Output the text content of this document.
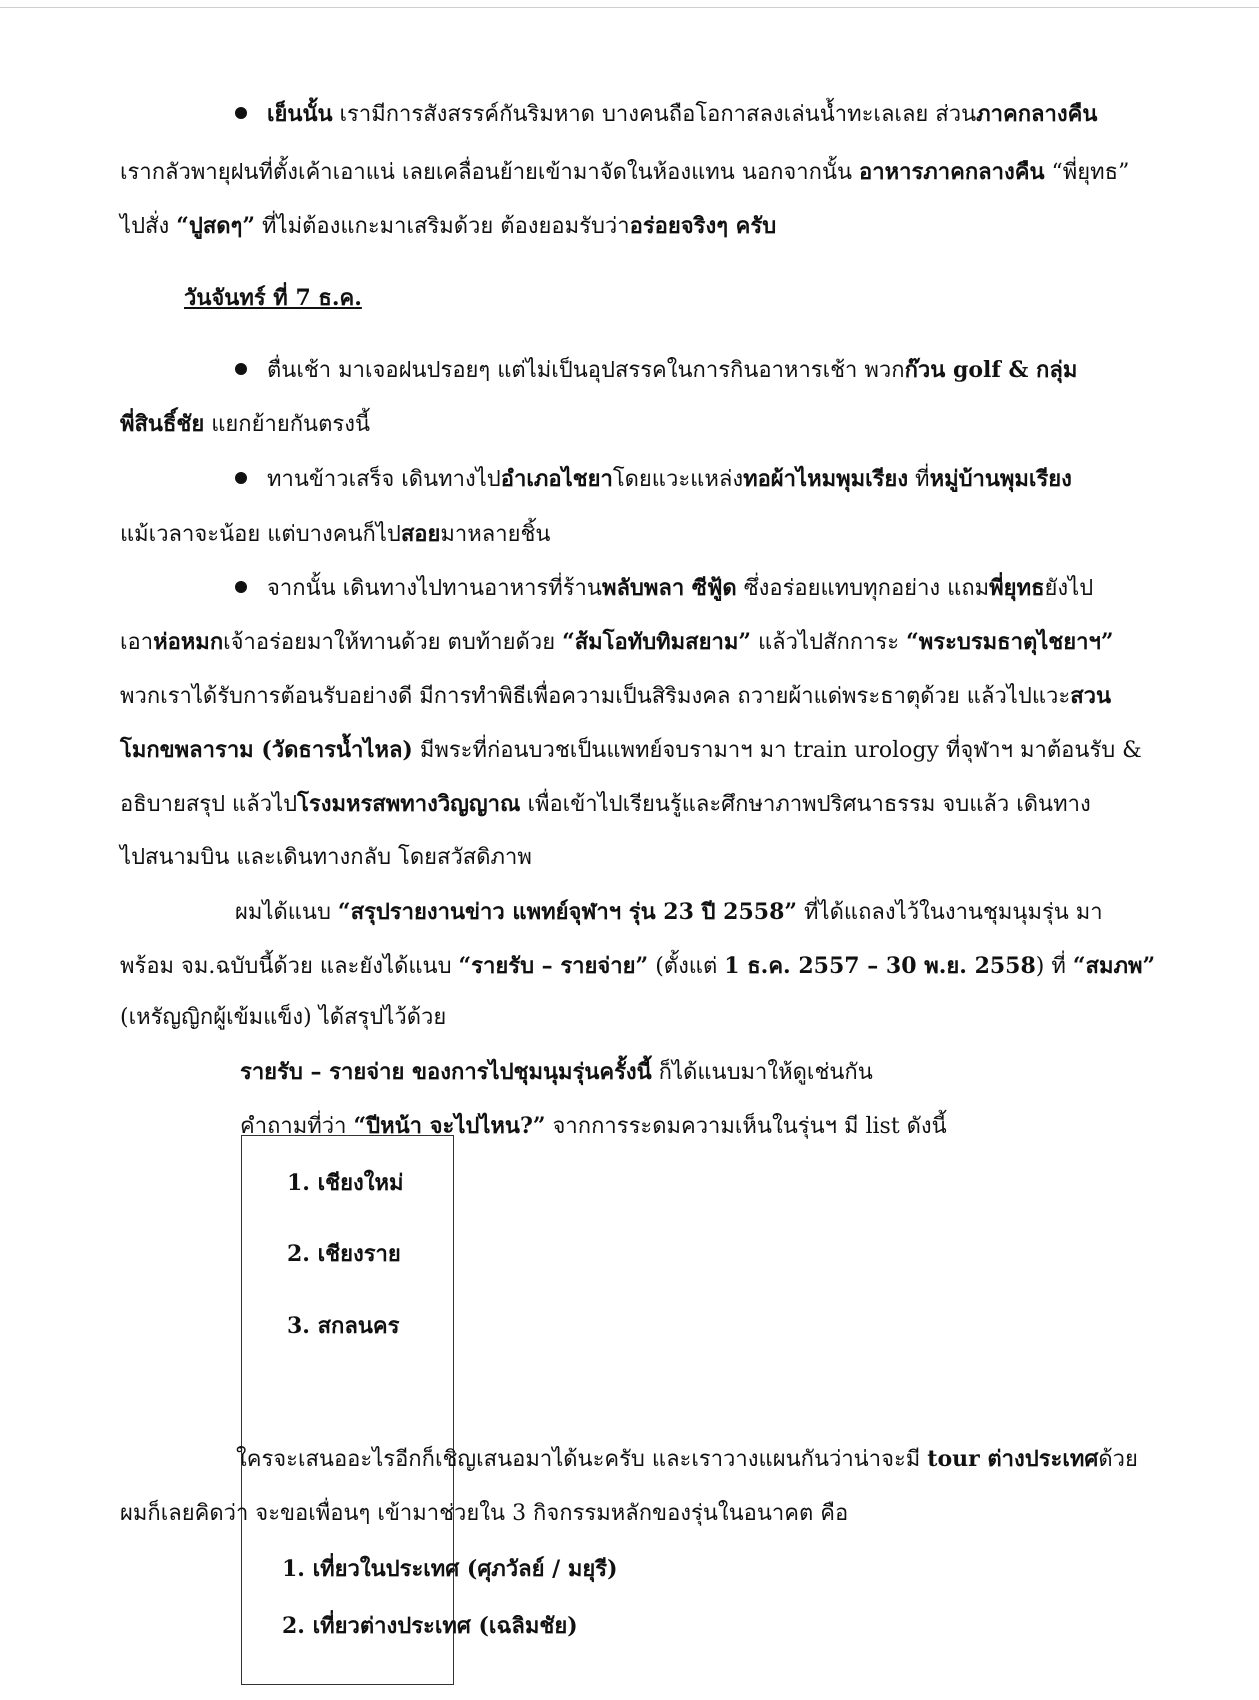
เย็นนั้น เรามีการสังสรรค์กันริมหาด บางคนถือโอกาสลงเล่นน้ำทะเลเลย ส่วนภาคกลางคืน
เรากลัวพายุฝนที่ตั้งเค้าเอาแน่ เลยเคลื่อนย้ายเข้ามาจัดในห้องแทน นอกจากนั้น อาหารภาคกลางคืน “พี่ยุทธ”
ไปสั่ง “ปูสดๆ” ที่ไม่ต้องแกะมาเสริมด้วย ต้องยอมรับว่าอร่อยจริงๆ ครับ
วันจันทร์ ที่ 7 ธ.ค.
ตื่นเช้า มาเจอฝนปรอยๆ แต่ไม่เป็นอุปสรรคในการกินอาหารเช้า พวกก๊วน golf & กลุ่ม
พี่สินธิ์ชัย แยกย้ายกันตรงนี้
ทานข้าวเสร็จ เดินทางไปอำเภอไชยาโดยแวะแหล่งทอผ้าไหมพุมเรียง ที่หมู่บ้านพุมเรียง
แม้เวลาจะน้อย แต่บางคนก็ไปสอยมาหลายชิ้น
จากนั้น เดินทางไปทานอาหารที่ร้านพลับพลา ซีฟู้ด ซึ่งอร่อยแทบทุกอย่าง แถมพี่ยุทธยังไป
เอาห่อหมกเจ้าอร่อยมาให้ทานด้วย ตบท้ายด้วย “ส้มโอทับทิมสยาม” แล้วไปสักการะ “พระบรมธาตุไชยาฯ”
พวกเราได้รับการต้อนรับอย่างดี มีการทำพิธีเพื่อความเป็นสิริมงคล ถวายผ้าแด่พระธาตุด้วย แล้วไปแวะสวน
โมกขพลาราม (วัดธารน้ำไหล) มีพระที่ก่อนบวชเป็นแพทย์จบรามาฯ มา train urology ที่จุฬาฯ มาต้อนรับ &
อธิบายสรุป แล้วไปโรงมหรสพทางวิญญาณ เพื่อเข้าไปเรียนรู้และศึกษาภาพปริศนาธรรม จบแล้ว เดินทาง
ไปสนามบิน และเดินทางกลับ โดยสวัสดิภาพ
ผมได้แนบ “สรุปรายงานข่าว แพทย์จุฬาฯ รุ่น 23 ปี 2558” ที่ได้แถลงไว้ในงานชุมนุมรุ่น มา
พร้อม จม.ฉบับนี้ด้วย และยังได้แนบ “รายรับ – รายจ่าย” (ตั้งแต่ 1 ธ.ค. 2557 – 30 พ.ย. 2558) ที่ “สมภพ”
(เหรัญญิกผู้เข้มแข็ง) ได้สรุปไว้ด้วย
รายรับ – รายจ่าย ของการไปชุมนุมรุ่นครั้งนี้ ก็ได้แนบมาให้ดูเช่นกัน
คำถามที่ว่า “ปีหน้า จะไปไหน?” จากการระดมความเห็นในรุ่นฯ มี list ดังนี้
1. เชียงใหม่
2. เชียงราย
3. สกลนคร
ใครจะเสนออะไรอีกก็เชิญเสนอมาได้นะครับ และเราวางแผนกันว่าน่าจะมี tour ต่างประเทศด้วย
ผมก็เลยคิดว่า จะขอเพื่อนๆ เข้ามาช่วยใน 3 กิจกรรมหลักของรุ่นในอนาคต คือ
1. เที่ยวในประเทศ (ศุภวัลย์ / มยุรี)
2. เที่ยวต่างประเทศ (เฉลิมชัย)
